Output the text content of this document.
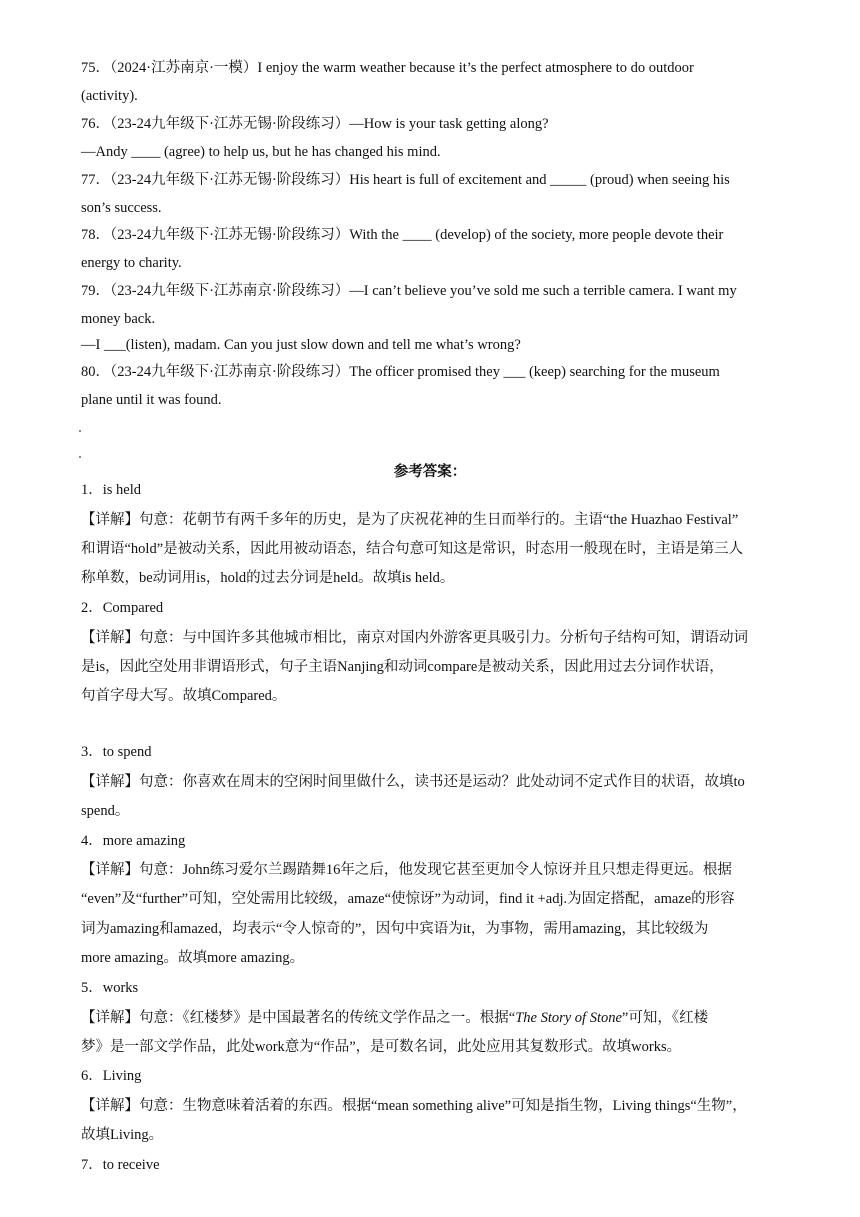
75．（2024·江苏南京·一模）I enjoy the warm weather because it’s the perfect atmosphere to do outdoor
(activity).
76．（23-24九年级下·江苏无锡·阶段练习）—How is your task getting along?
—Andy ____ (agree) to help us, but he has changed his mind.
77．（23-24九年级下·江苏无锡·阶段练习）His heart is full of excitement and _____ (proud) when seeing his
son’s success.
78．（23-24九年级下·江苏无锡·阶段练习）With the ____ (develop) of the society, more people devote their
energy to charity.
79．（23-24九年级下·江苏南京·阶段练习）—I can’t believe you’ve sold me such a terrible camera. I want my
money back.
—I ___(listen), madam. Can you just slow down and tell me what’s wrong?
80．（23-24九年级下·江苏南京·阶段练习）The officer promised they ___ (keep) searching for the museum
plane until it was found.
参考答案：
1．is held
【详解】句意：花朝节有两千多年的历史，是为了庆祝花神的生日而举行的。主语“the Huazhao Festival”
和谓语“hold”是被动关系，因此用被动语态，结合句意可知这是常识，时态用一般现在时，主语是第三人
称单数，be动词用is，hold的过去分词是held。故填is held。
2．Compared
【详解】句意：与中国许多其他城市相比，南京对国内外游客更具吸引力。分析句子结构可知，谓语动词
是is，因此空处用非谓语形式，句子主语Nanjing和动词compare是被动关系，因此用过去分词作状语，
句首字母大写。故填Compared。
3．to spend
【详解】句意：你喜欢在周末的空闲时间里做什么，读书还是运动？此处动词不定式作目的状语，故填to
spend。
4．more amazing
【详解】句意：John练习爱尔兰踢踏舞16年之后，他发现它甚至更加令人惊讶并且只想走得更远。根据
“even”及“further”可知，空处需用比较级，amaze“使惊讶”为动词，find it +adj.为固定搭配，amaze的形容
词为amazing和amazed，均表示“令人惊奇的”，因句中宾语为it，为事物，需用amazing，其比较级为
more amazing。故填more amazing。
5．works
【详解】句意：《红楼梦》是中国最著名的传统文学作品之一。根据“The Story of Stone”可知，《红楼
梦》是一部文学作品，此处work意为“作品”，是可数名词，此处应用其复数形式。故填works。
6．Living
【详解】句意：生物意味着活着的东西。根据“mean something alive”可知是指生物，Living things“生物”，
故填Living。
7．to receive
